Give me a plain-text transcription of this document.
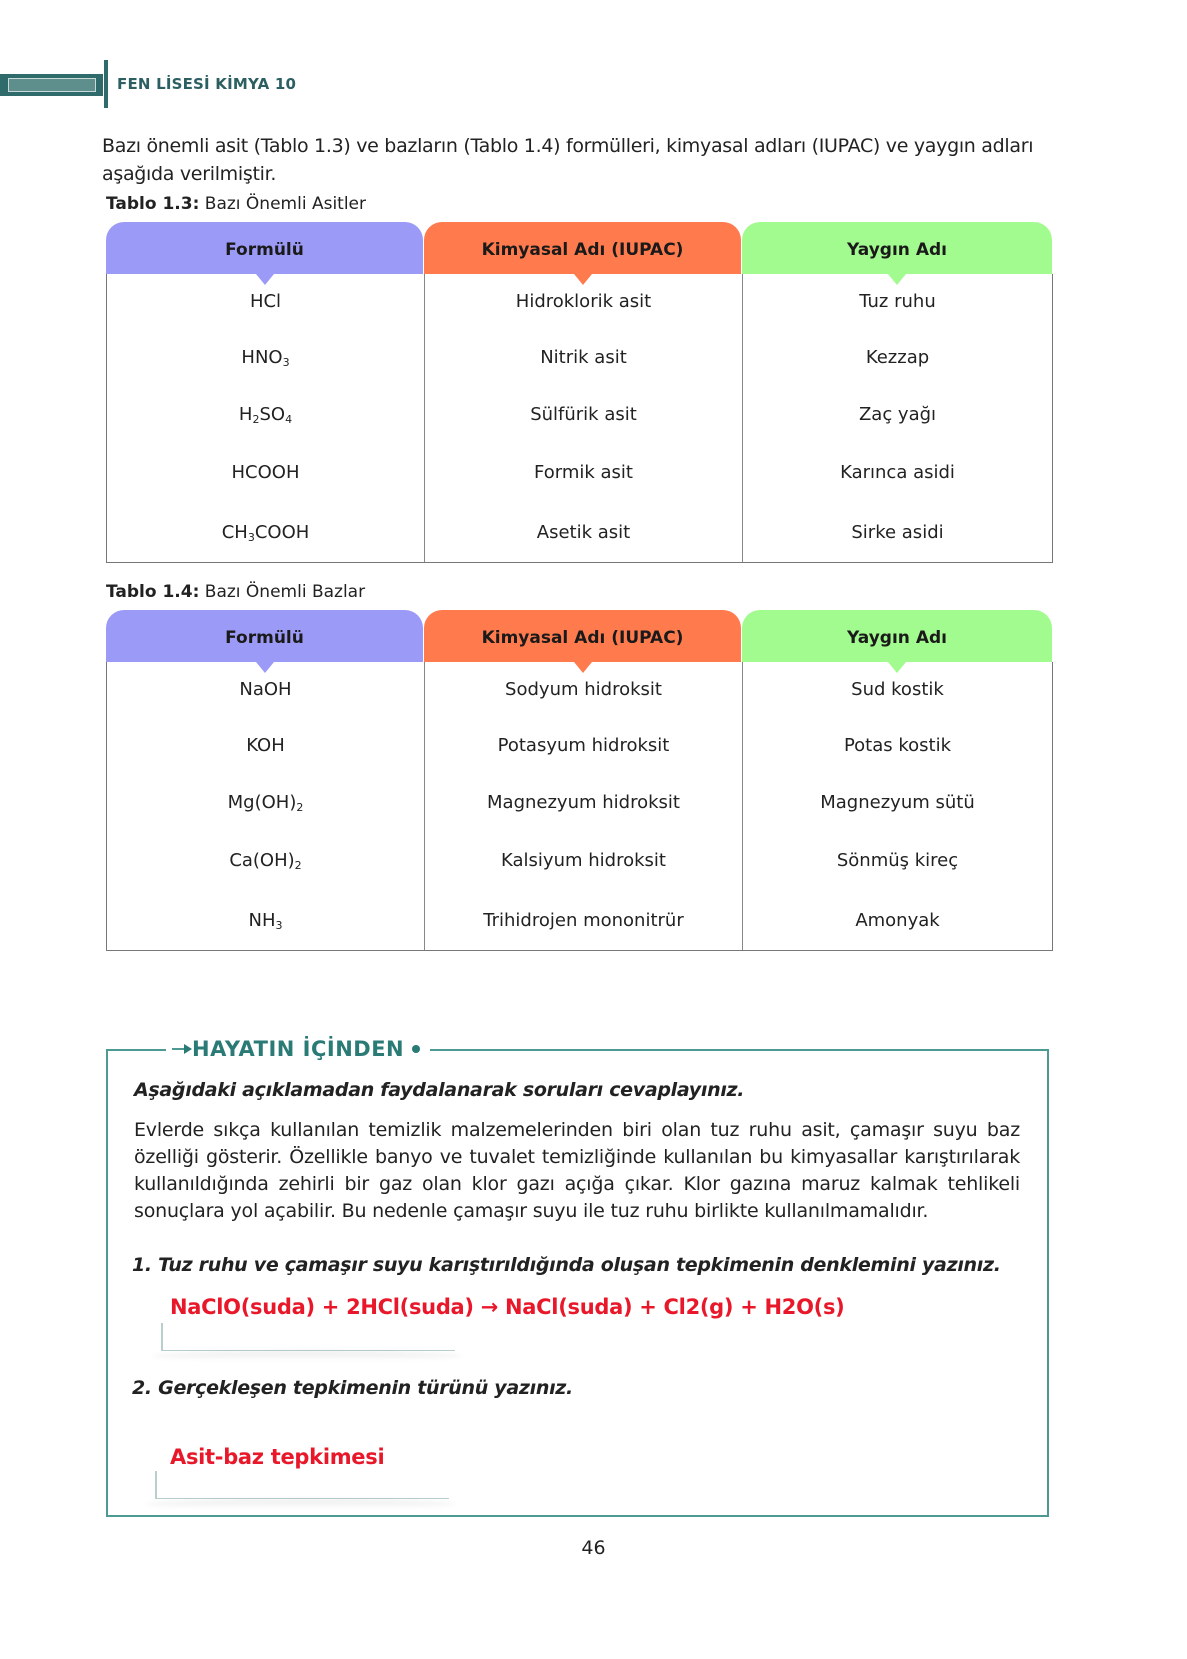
FEN LİSESİ KİMYA 10
Bazı önemli asit (Tablo 1.3) ve bazların (Tablo 1.4) formülleri, kimyasal adları (IUPAC) ve yaygın adları aşağıda verilmiştir.
Tablo 1.3: Bazı Önemli Asitler
Formülü	Kimyasal Adı (IUPAC)	Yaygın Adı
HCl	Hidroklorik asit	Tuz ruhu
$HNO_3$	Nitrik asit	Kezzap
$H_2SO_4$	Sülfürik asit	Zaç yağı
HCOOH	Formik asit	Karınca asidi
$CH_3COOH$	Asetik asit	Sirke asidi
Tablo 1.4: Bazı Önemli Bazlar
Formülü	Kimyasal Adı (IUPAC)	Yaygın Adı
NaOH	Sodyum hidroksit	Sud kostik
KOH	Potasyum hidroksit	Potas kostik
$Mg(OH)_2$	Magnezyum hidroksit	Magnezyum sütü
$Ca(OH)_2$	Kalsiyum hidroksit	Sönmüş kireç
$NH_3$	Trihidrojen mononitrür	Amonyak
HAYATIN İÇİNDEN
Aşağıdaki açıklamadan faydalanarak soruları cevaplayınız.
Evlerde sıkça kullanılan temizlik malzemelerinden biri olan tuz ruhu asit, çamaşır suyu baz özelliği gösterir. Özellikle banyo ve tuvalet temizliğinde kullanılan bu kimyasallar karıştırılarak kullanıldığında zehirli bir gaz olan klor gazı açığa çıkar. Klor gazına maruz kalmak tehlikeli sonuçlara yol açabilir. Bu nedenle çamaşır suyu ile tuz ruhu birlikte kullanılmamalıdır.
1. Tuz ruhu ve çamaşır suyu karıştırıldığında oluşan tepkimenin denklemini yazınız.
NaClO(suda) + 2HCl(suda) → NaCl(suda) + Cl2(g) + H2O(s)
2. Gerçekleşen tepkimenin türünü yazınız.
Asit-baz tepkimesi
46
